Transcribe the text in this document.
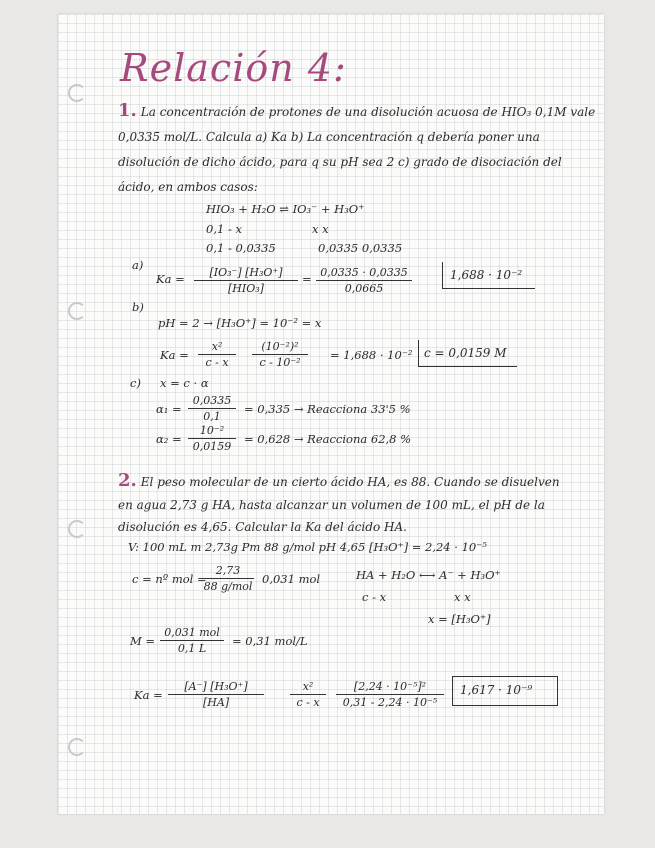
Relación 4:
1. La concentración de protones de una disolución acuosa de HIO₃ 0,1M vale
0,0335 mol/L. Calcula a) Ka b) La concentración q debería poner una
disolución de dicho ácido, para q su pH sea 2 c) grado de disociación del
ácido, en ambos casos:
HIO₃ + H₂O ⇌ IO₃⁻ + H₃O⁺
0,1 - x	x x
0,1 - 0,0335	0,0335 0,0335
a)
Ka =	[IO₃⁻] [H₃O⁺]
[HIO₃]
= $\frac{0,0335 \cdot 0,0335}{0,0665}$	1,688 · 10⁻²
b)
pH = 2 → [H₃O⁺] = 10⁻² = x
$Ka = \frac{\text{x²}}{c - x} \frac{\text{(10⁻²)²}}{\text{c - 10⁻²}} = 1,688 \cdot 10^{-2}$ c = 0,0159 M
c) x = c · α
$\alpha_1 = \frac{0,0335}{0,1} = 0,335$ → Reacciona 33'5 %
$\alpha_2 = \frac{\text{10⁻²}}{0,0159} = 0,628$ → Reacciona 62,8 %
2. El peso molecular de un cierto ácido HA, es 88. Cuando se disuelven
en agua 2,73 g HA, hasta alcanzar un volumen de 100 mL, el pH de la
disolución es 4,65. Calcular la Ka del ácido HA.
V: 100 mL m 2,73g Pm 88 g/mol pH 4,65 [H₃O⁺] = 2,24 · 10⁻⁵
c = nº mol =
2,73
88 g/mol
0,031 mol	HA + H₂O ⟷ A⁻ + H₃O⁺
c - x	x x
x = [H₃O⁺]
M =
0,031 mol
0,1 L
= 0,31 mol/L
$Ka = \frac{\text{[A⁻] [H₃O⁺]}}{[HA]} \frac{\text{x²}}{c - x} \frac{\text{[2,24 · 10⁻⁵]²}}{\text{0,31 - 2,24 · 10⁻⁵}} 1,617 \cdot 10^{-9}$
